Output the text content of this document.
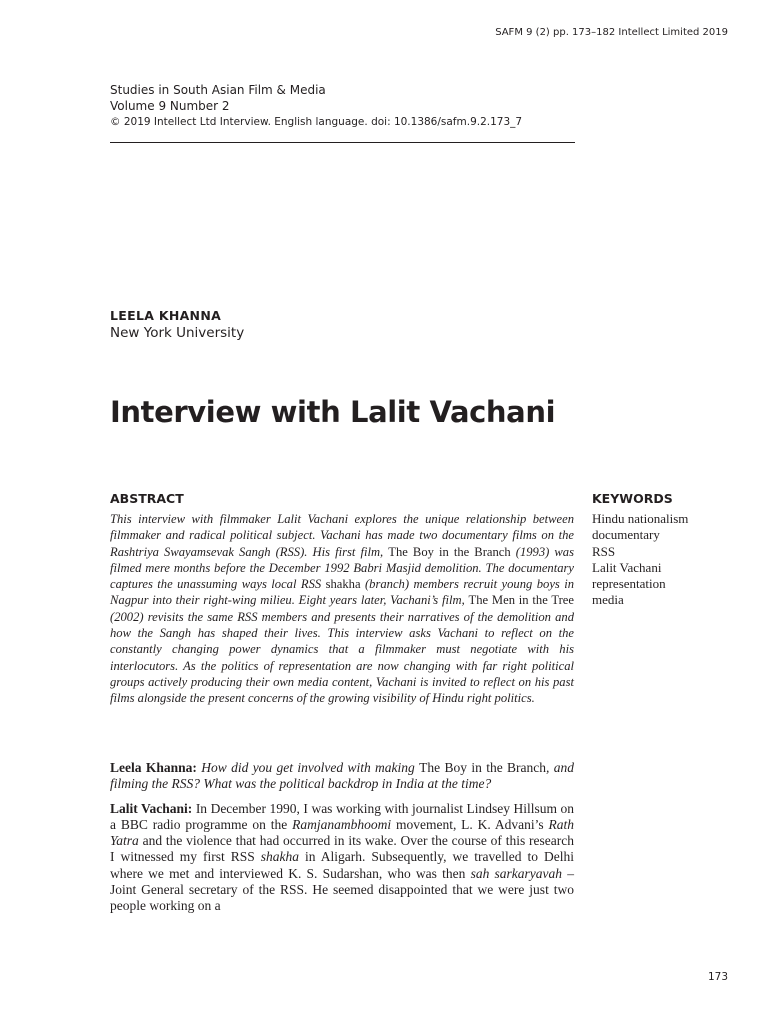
SAFM 9 (2) pp. 173–182 Intellect Limited 2019
Studies in South Asian Film & Media
Volume 9 Number 2
© 2019 Intellect Ltd Interview. English language. doi: 10.1386/safm.9.2.173_7
LEELA KHANNA
New York University
Interview with Lalit Vachani
ABSTRACT	KEYWORDS

This interview with filmmaker Lalit Vachani explores the unique relationship between filmmaker and radical political subject. Vachani has made two documentary films on the Rashtriya Swayamsevak Sangh (RSS). His first film, The Boy in the Branch (1993) was filmed mere months before the December 1992 Babri Masjid demolition. The documentary captures the unassuming ways local RSS shakha (branch) members recruit young boys in Nagpur into their right-wing milieu. Eight years later, Vachani’s film, The Men in the Tree (2002) revisits the same RSS members and presents their narratives of the demolition and how the Sangh has shaped their lives. This interview asks Vachani to reflect on the constantly changing power dynamics that a filmmaker must negotiate with his interlocutors. As the politics of representation are now changing with far right political groups actively producing their own media content, Vachani is invited to reflect on his past films alongside the present concerns of the growing visibility of Hindu right politics.

Hindu nationalism
documentary
RSS
Lalit Vachani
representation
media

Leela Khanna: How did you get involved with making The Boy in the Branch, and filming the RSS? What was the political backdrop in India at the time?

Lalit Vachani: In December 1990, I was working with journalist Lindsey Hillsum on a BBC radio programme on the Ramjanambhoomi movement, L. K. Advani’s Rath Yatra and the violence that had occurred in its wake. Over the course of this research I witnessed my first RSS shakha in Aligarh. Subsequently, we travelled to Delhi where we met and interviewed K. S. Sudarshan, who was then sah sarkaryavah – Joint General secretary of the RSS. He seemed disappointed that we were just two people working on a

173
